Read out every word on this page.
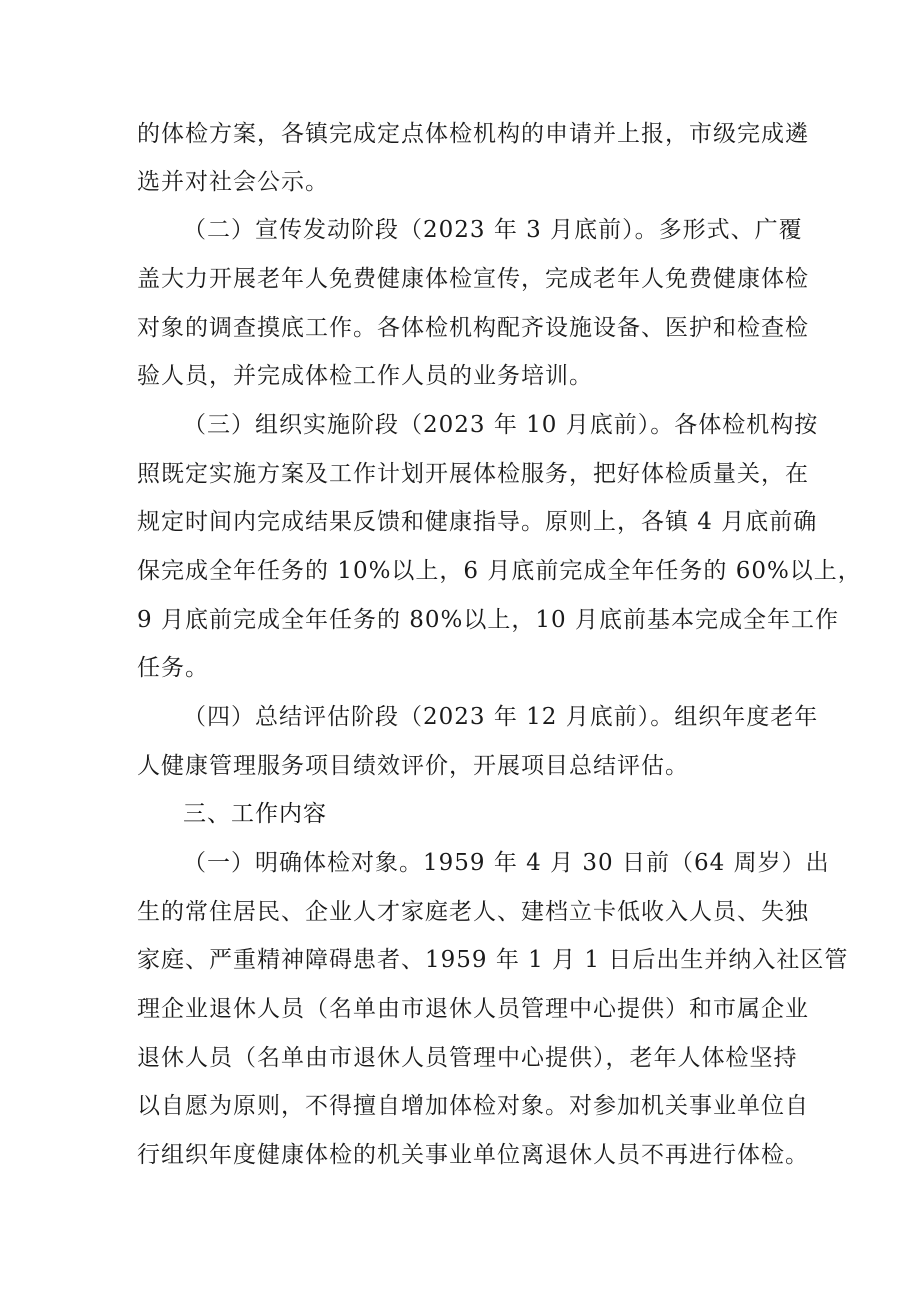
的体检方案，各镇完成定点体检机构的申请并上报，市级完成遴
选并对社会公示。
（二）宣传发动阶段（2023 年 3 月底前）。多形式、广覆
盖大力开展老年人免费健康体检宣传，完成老年人免费健康体检
对象的调查摸底工作。各体检机构配齐设施设备、医护和检查检
验人员，并完成体检工作人员的业务培训。
（三）组织实施阶段（2023 年 10 月底前）。各体检机构按
照既定实施方案及工作计划开展体检服务，把好体检质量关，在
规定时间内完成结果反馈和健康指导。原则上，各镇 4 月底前确
保完成全年任务的 10%以上，6 月底前完成全年任务的 60%以上，
9 月底前完成全年任务的 80%以上，10 月底前基本完成全年工作
任务。
（四）总结评估阶段（2023 年 12 月底前）。组织年度老年
人健康管理服务项目绩效评价，开展项目总结评估。
三、工作内容
（一）明确体检对象。1959 年 4 月 30 日前（64 周岁）出
生的常住居民、企业人才家庭老人、建档立卡低收入人员、失独
家庭、严重精神障碍患者、1959 年 1 月 1 日后出生并纳入社区管
理企业退休人员（名单由市退休人员管理中心提供）和市属企业
退休人员（名单由市退休人员管理中心提供），老年人体检坚持
以自愿为原则，不得擅自增加体检对象。对参加机关事业单位自
行组织年度健康体检的机关事业单位离退休人员不再进行体检。
